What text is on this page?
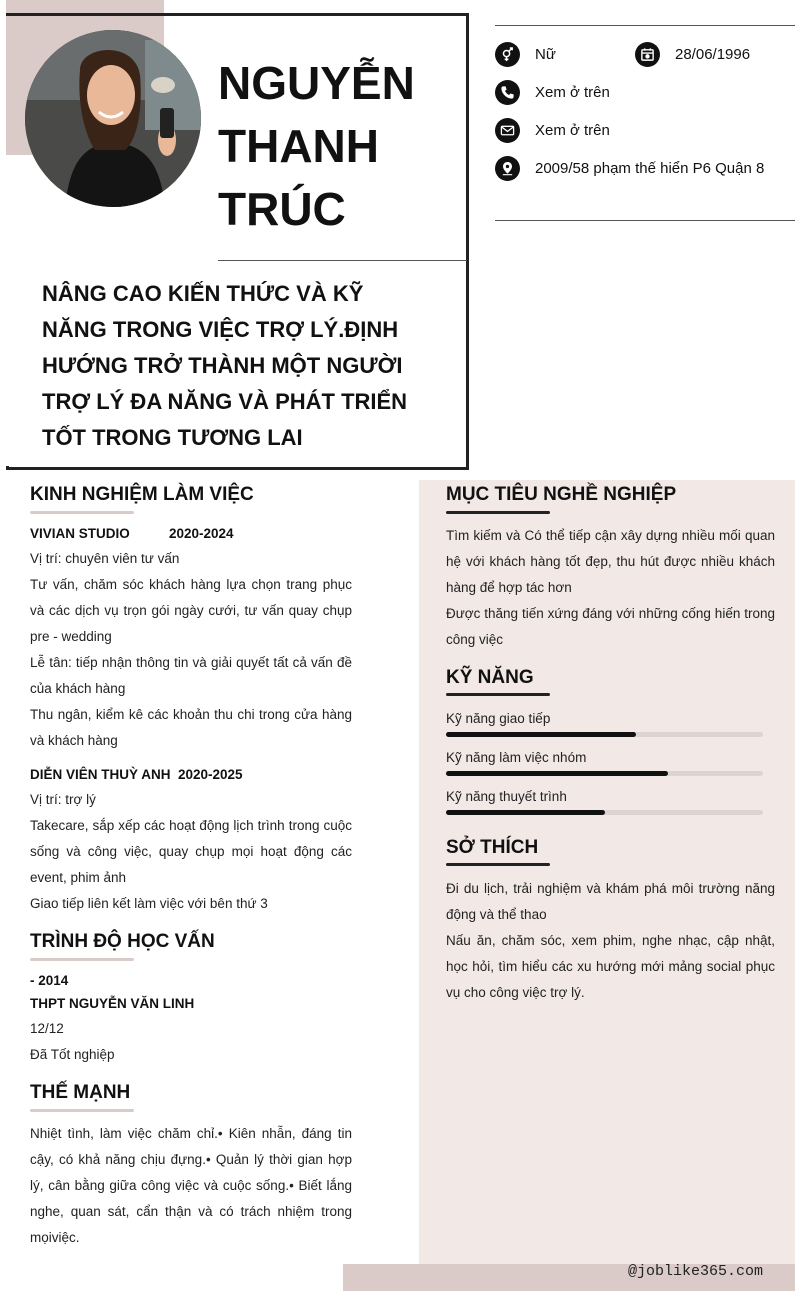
NGUYỄN
THANH
TRÚC
NÂNG CAO KIẾN THỨC VÀ KỸ NĂNG TRONG VIỆC TRỢ LÝ.ĐỊNH HƯỚNG TRỞ THÀNH MỘT NGƯỜI TRỢ LÝ ĐA NĂNG VÀ PHÁT TRIỂN TỐT TRONG TƯƠNG LAI
Nữ	28/06/1996
Xem ở trên
Xem ở trên
2009/58 phạm thế hiển P6 Quận 8
KINH NGHIỆM LÀM VIỆC
VIVIAN STUDIO	2020-2024
Vị trí: chuyên viên tư vấn
Tư vấn, chăm sóc khách hàng lựa chọn trang phục và các dịch vụ trọn gói ngày cưới, tư vấn quay chụp pre - wedding
Lễ tân: tiếp nhận thông tin và giải quyết tất cả vấn đề của khách hàng
Thu ngân, kiểm kê các khoản thu chi trong cửa hàng và khách hàng
DIỄN VIÊN THUỲ ANH 2020-2025
Vị trí: trợ lý
Takecare, sắp xếp các hoạt động lịch trình trong cuộc sống và công việc, quay chụp mọi hoạt động các event, phim ảnh
Giao tiếp liên kết làm việc với bên thứ 3
TRÌNH ĐỘ HỌC VẤN
- 2014
THPT NGUYỄN VĂN LINH
12/12
Đã Tốt nghiệp
THẾ MẠNH
Nhiệt tình, làm việc chăm chỉ.• Kiên nhẫn, đáng tin cậy, có khả năng chịu đựng.• Quản lý thời gian hợp lý, cân bằng giữa công việc và cuộc sống.• Biết lắng nghe, quan sát, cẩn thận và có trách nhiệm trong mọiviệc.
MỤC TIÊU NGHỀ NGHIỆP
Tìm kiếm và Có thể tiếp cận xây dựng nhiều mối quan hệ với khách hàng tốt đẹp, thu hút được nhiều khách hàng để hợp tác hơn
Được thăng tiến xứng đáng với những cống hiến trong công việc
KỸ NĂNG
Kỹ năng giao tiếp
Kỹ năng làm việc nhóm
Kỹ năng thuyết trình
SỞ THÍCH
Đi du lịch, trải nghiệm và khám phá môi trường năng động và thể thao
Nấu ăn, chăm sóc, xem phim, nghe nhạc, cập nhật, học hỏi, tìm hiểu các xu hướng mới mảng social phục vụ cho công việc trợ lý.
@joblike365.com
